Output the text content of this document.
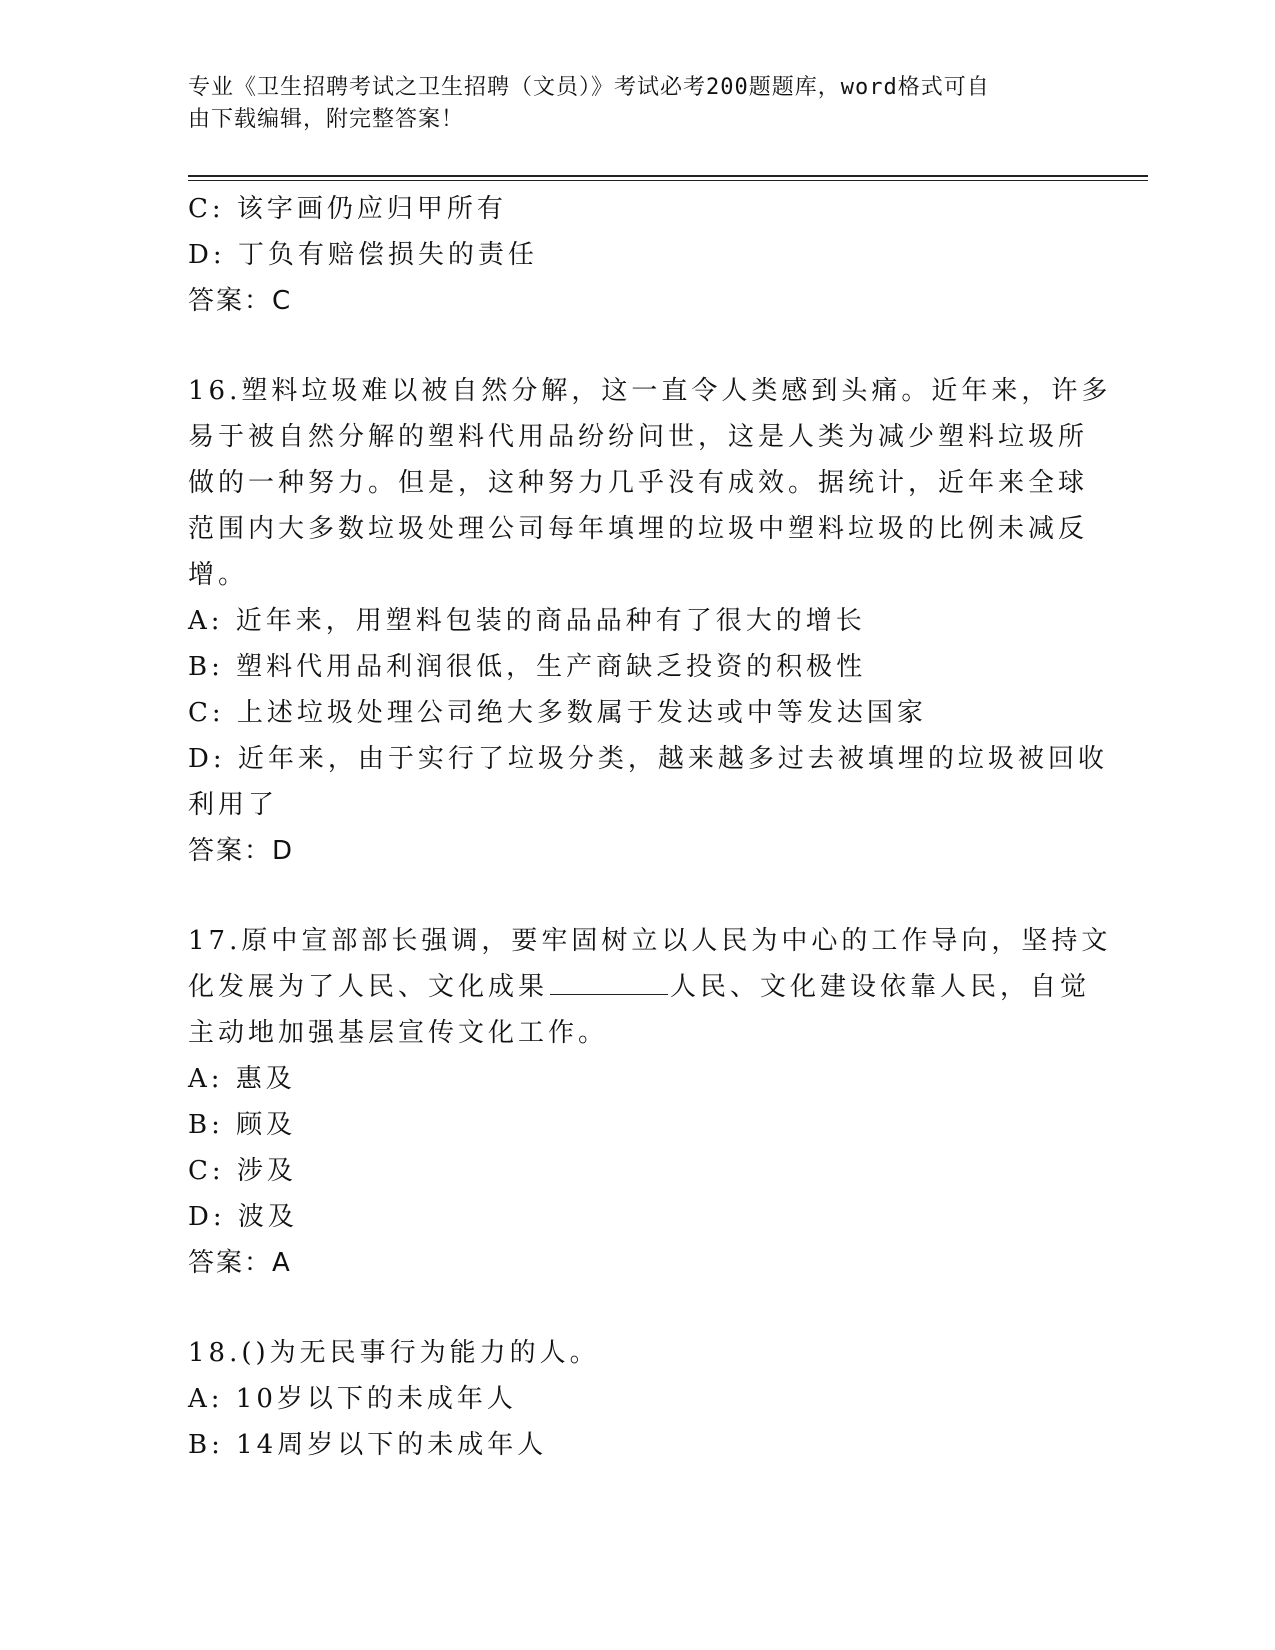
专业《卫生招聘考试之卫生招聘（文员）》考试必考200题题库，word格式可自
由下载编辑，附完整答案！
C: 该字画仍应归甲所有
D: 丁负有赔偿损失的责任
答案：C
16.塑料垃圾难以被自然分解，这一直令人类感到头痛。近年来，许多
易于被自然分解的塑料代用品纷纷问世，这是人类为减少塑料垃圾所
做的一种努力。但是，这种努力几乎没有成效。据统计，近年来全球
范围内大多数垃圾处理公司每年填埋的垃圾中塑料垃圾的比例未减反
增。
A: 近年来，用塑料包装的商品品种有了很大的增长
B: 塑料代用品利润很低，生产商缺乏投资的积极性
C: 上述垃圾处理公司绝大多数属于发达或中等发达国家
D: 近年来，由于实行了垃圾分类，越来越多过去被填埋的垃圾被回收
利用了
答案：D
17.原中宣部部长强调，要牢固树立以人民为中心的工作导向，坚持文
化发展为了人民、文化成果	人民、文化建设依靠人民，自觉
主动地加强基层宣传文化工作。
A: 惠及
B: 顾及
C: 涉及
D: 波及
答案：A
18.()为无民事行为能力的人。
A: 10岁以下的未成年人
B: 14周岁以下的未成年人
